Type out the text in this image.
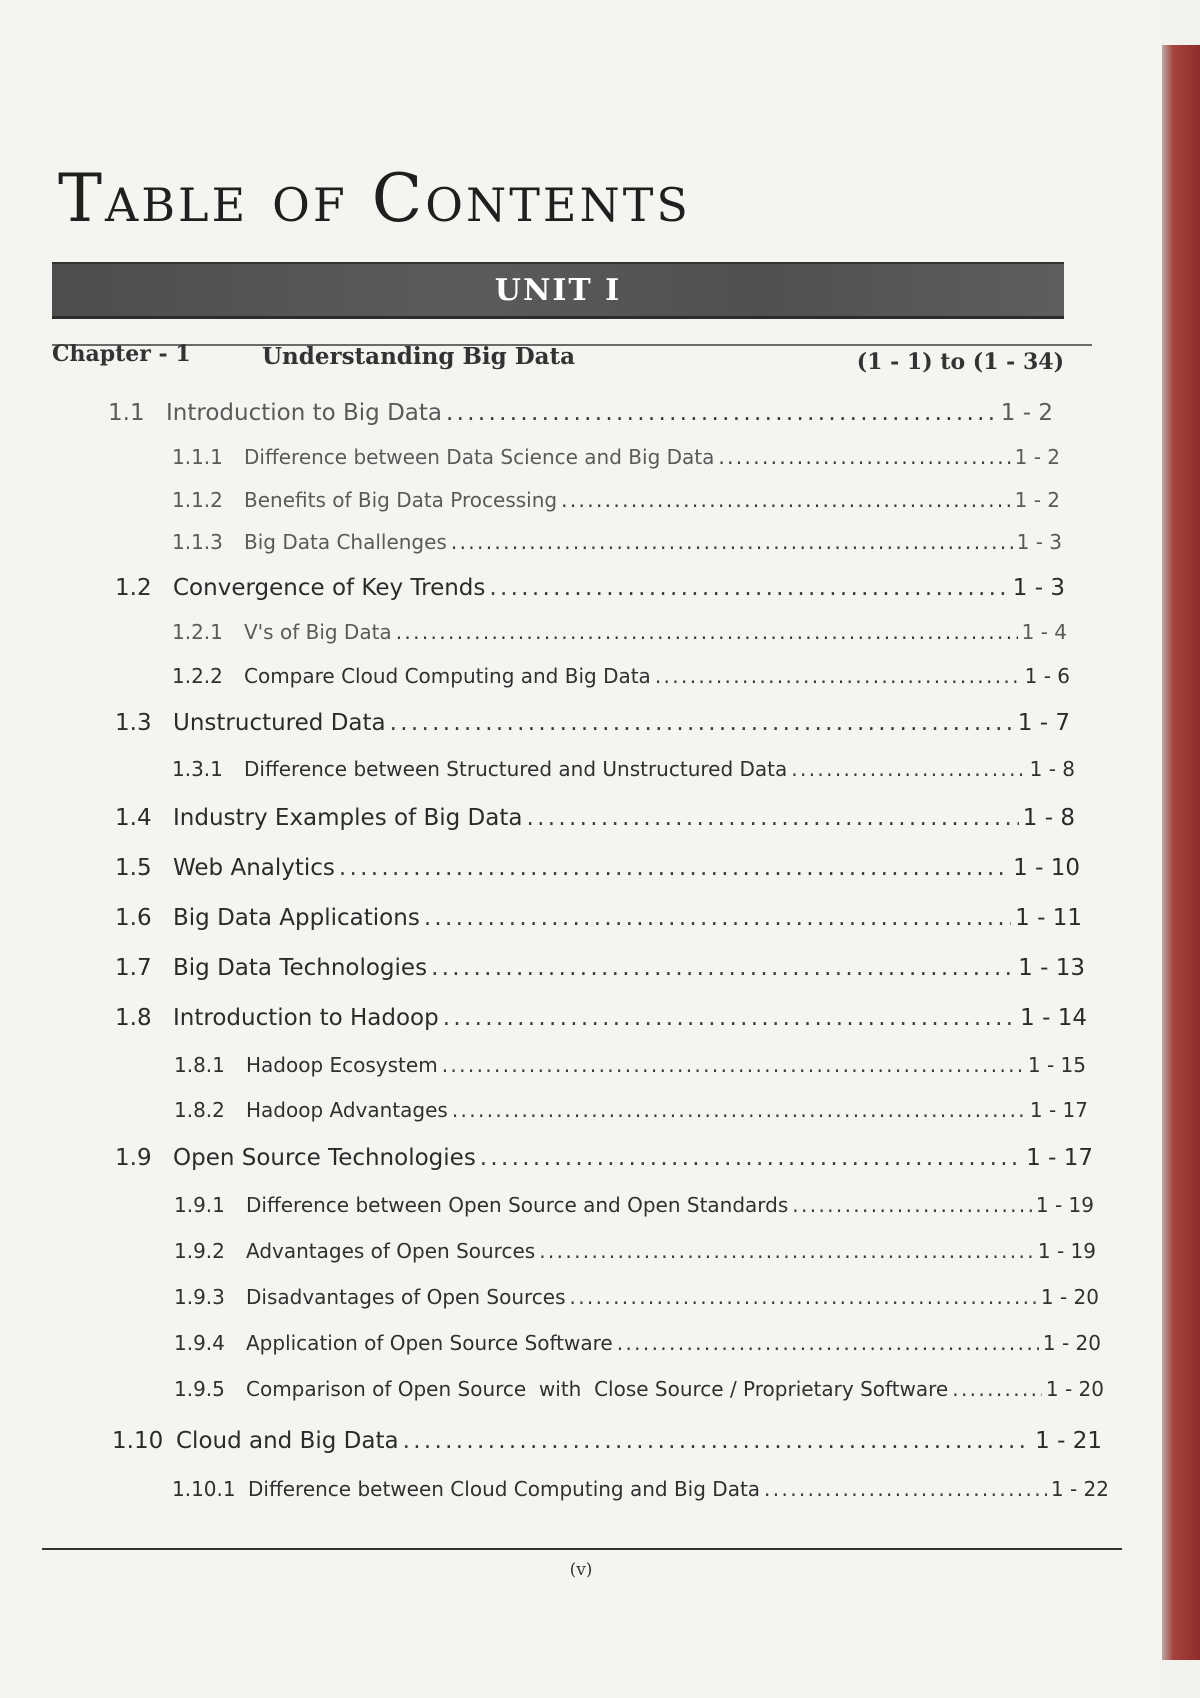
Table of Contents
UNIT I
Chapter - 1	Understanding Big Data	(1 - 1) to (1 - 34)
1.1 Introduction to Big Data . . .	1 - 2
1.1.1	Difference between Data Science and Big Data . . .	1 - 2
1.1.2	Benefits of Big Data Processing . . .	1 - 2
1.1.3	Big Data Challenges . . .	1 - 3
1.2 Convergence of Key Trends . . .	1 - 3
1.2.1	V's of Big Data . . .	1 - 4
1.2.2	Compare Cloud Computing and Big Data . . .	1 - 6
1.3 Unstructured Data . . .	1 - 7
1.3.1	Difference between Structured and Unstructured Data . . .	1 - 8
1.4 Industry Examples of Big Data . . .	1 - 8
1.5 Web Analytics . . .	1 - 10
1.6 Big Data Applications . . .	1 - 11
1.7 Big Data Technologies . . .	1 - 13
1.8 Introduction to Hadoop . . .	1 - 14
1.8.1	Hadoop Ecosystem . . .	1 - 15
1.8.2	Hadoop Advantages . . .	1 - 17
1.9 Open Source Technologies . . .	1 - 17
1.9.1	Difference between Open Source and Open Standards . . .	1 - 19
1.9.2	Advantages of Open Sources . . .	1 - 19
1.9.3	Disadvantages of Open Sources . . .	1 - 20
1.9.4	Application of Open Source Software . . .	1 - 20
1.9.5	Comparison of Open Source  with  Close Source / Proprietary Software . . .	1 - 20
1.10 Cloud and Big Data . . .	1 - 21
1.10.1 Difference between Cloud Computing and Big Data . . .	1 - 22
(v)
